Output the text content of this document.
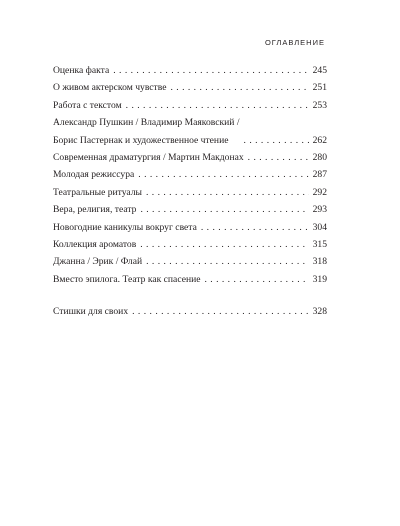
ОГЛАВЛЕНИЕ
Оценка факта . . .	245
О живом актерском чувстве . . .	251
Работа с текстом . . .	253
Александр Пушкин / Владимир Маяковский /
Борис Пастернак и художественное чтение . . .	262
Современная драматургия / Мартин Макдонах . . .	280
Молодая режиссура . . .	287
Театральные ритуалы . . .	292
Вера, религия, театр . . .	293
Новогодние каникулы вокруг света . . .	304
Коллекция ароматов . . .	315
Джанна / Эрик / Флай . . .	318
Вместо эпилога. Театр как спасение . . .	319
Стишки для своих . . .	328
